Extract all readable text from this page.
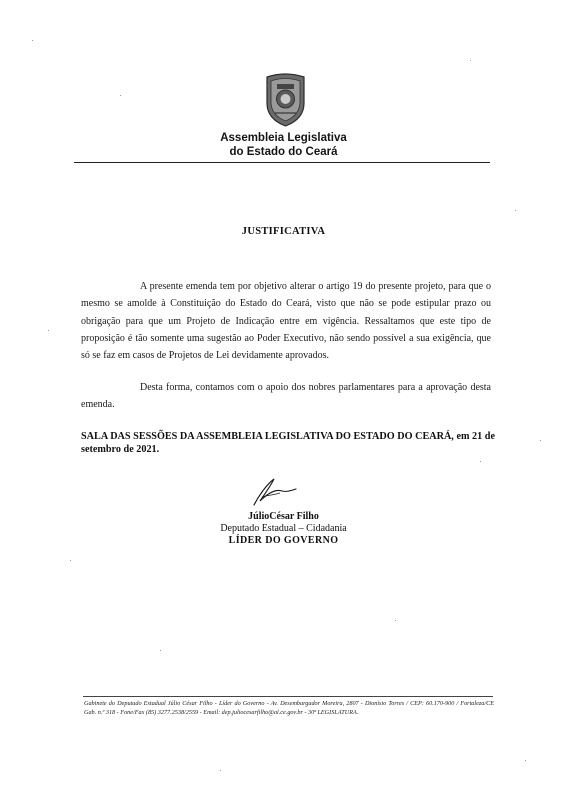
Assembleia Legislativa
do Estado do Ceará
JUSTIFICATIVA
A presente emenda tem por objetivo alterar o artigo 19 do presente projeto, para que o mesmo se amolde à Constituição do Estado do Ceará, visto que não se pode estipular prazo ou obrigação para que um Projeto de Indicação entre em vigência. Ressaltamos que este tipo de proposição é tão somente uma sugestão ao Poder Executivo, não sendo possível a sua exigência, que só se faz em casos de Projetos de Lei devidamente aprovados.
Desta forma, contamos com o apoio dos nobres parlamentares para a aprovação desta emenda.
SALA DAS SESSÕES DA ASSEMBLEIA LEGISLATIVA DO ESTADO DO CEARÁ, em 21 de setembro de 2021.
JúlioCésar Filho
Deputado Estadual – Cidadania
LÍDER DO GOVERNO
Gabinete do Deputado Estadual Júlio César Filho - Líder do Governo - Av. Desembargador Moreira, 2807 - Dionísio Torres / CEP: 60.170-900 / Fortaleza/CE Gab. n.º 318 - Fone/Fax (85) 3277.2538/2559 - Email: dep.juliocesarfilho@al.ce.gov.br - 30ª LEGISLATURA.
